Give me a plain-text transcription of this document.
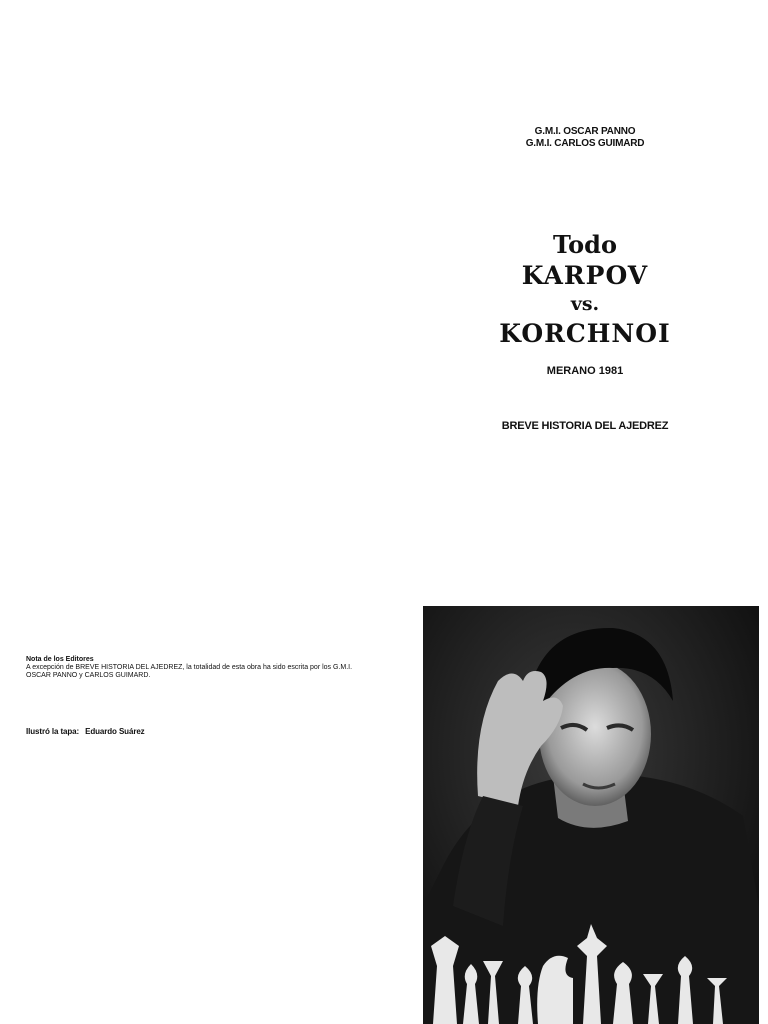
G.M.I. OSCAR PANNO
G.M.I. CARLOS GUIMARD
Todo
KARPOV
vs.
KORCHNOI
MERANO 1981
BREVE HISTORIA DEL AJEDREZ
Nota de los Editores
A excepción de BREVE HISTORIA DEL AJEDREZ, la totalidad de esta obra ha sido escrita por los G.M.I. OSCAR PANNO y CARLOS GUIMARD.
Ilustró la tapa: Eduardo Suárez
